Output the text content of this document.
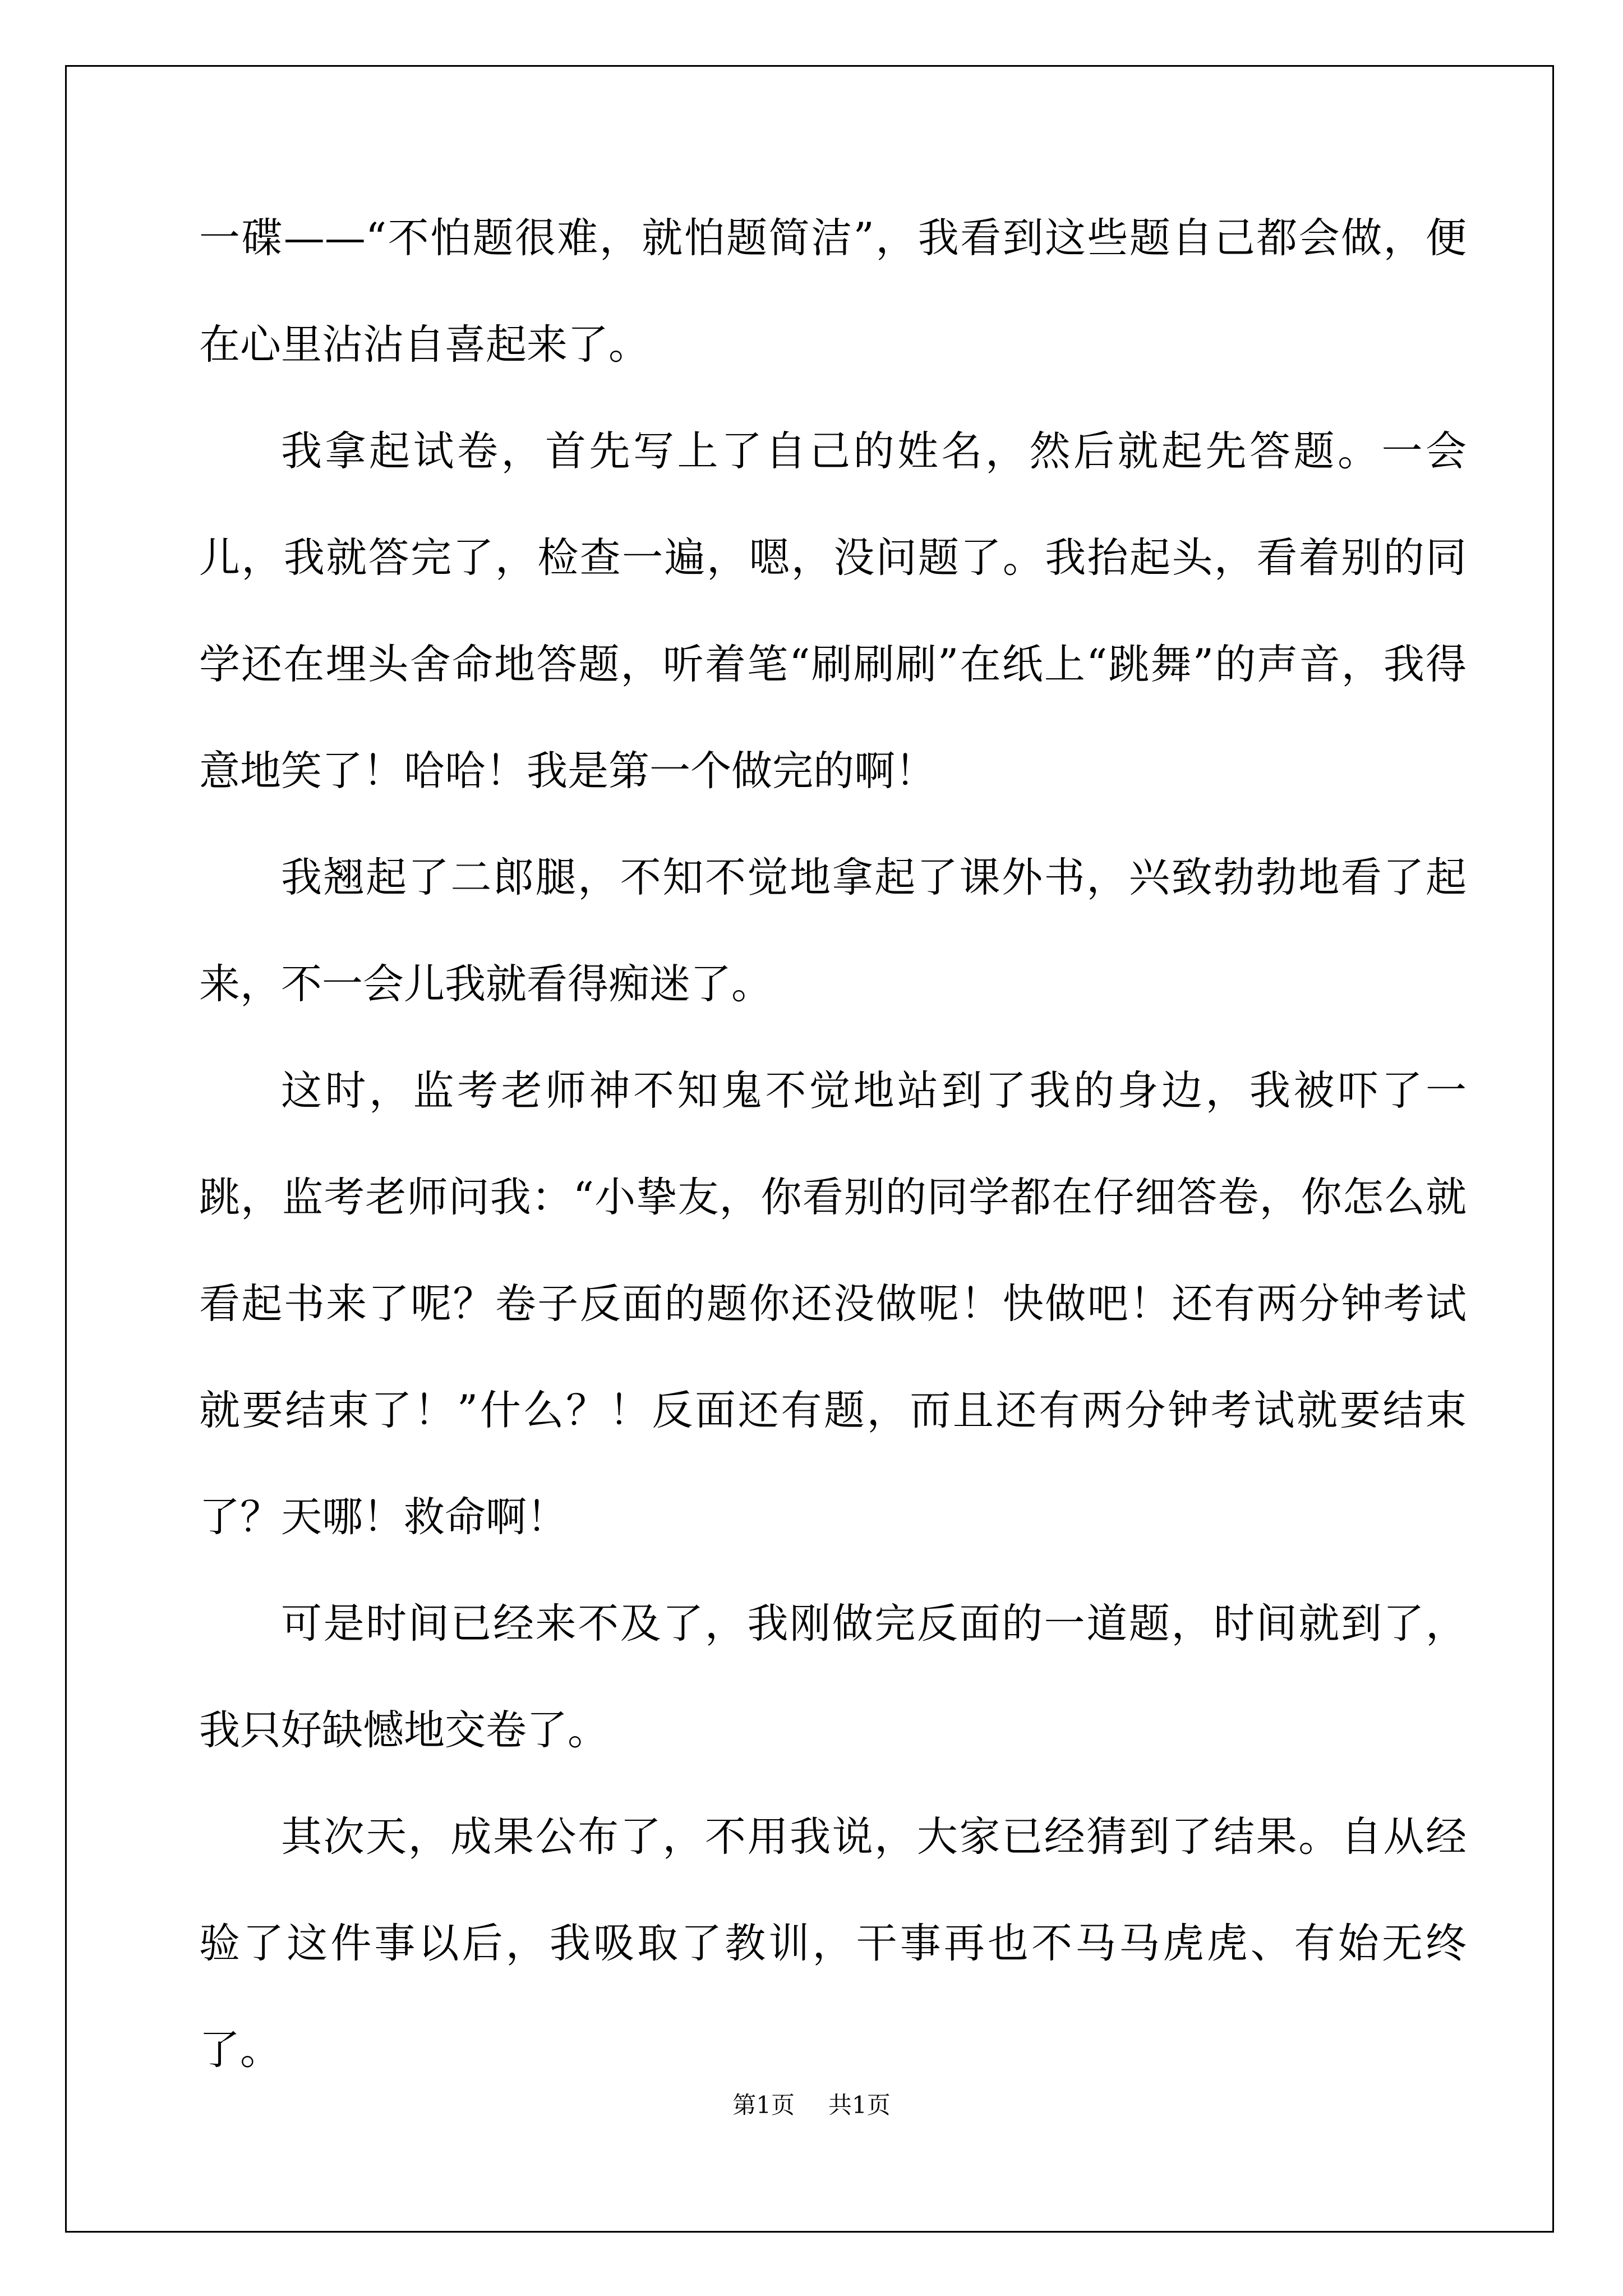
一碟——“不怕题很难，就怕题简洁”，我看到这些题自己都会做，便在心里沾沾自喜起来了。

我拿起试卷，首先写上了自己的姓名，然后就起先答题。一会儿，我就答完了，检查一遍，嗯，没问题了。我抬起头，看着别的同学还在埋头舍命地答题，听着笔“刷刷刷”在纸上“跳舞”的声音，我得意地笑了！哈哈！我是第一个做完的啊！

我翘起了二郎腿，不知不觉地拿起了课外书，兴致勃勃地看了起来，不一会儿我就看得痴迷了。

这时，监考老师神不知鬼不觉地站到了我的身边，我被吓了一跳，监考老师问我：“小挚友，你看别的同学都在仔细答卷，你怎么就看起书来了呢？卷子反面的题你还没做呢！快做吧！还有两分钟考试就要结束了！”什么？！反面还有题，而且还有两分钟考试就要结束了？天哪！救命啊！

可是时间已经来不及了，我刚做完反面的一道题，时间就到了，我只好缺憾地交卷了。

其次天，成果公布了，不用我说，大家已经猜到了结果。自从经验了这件事以后，我吸取了教训，干事再也不马马虎虎、有始无终了。

第1页 共1页
